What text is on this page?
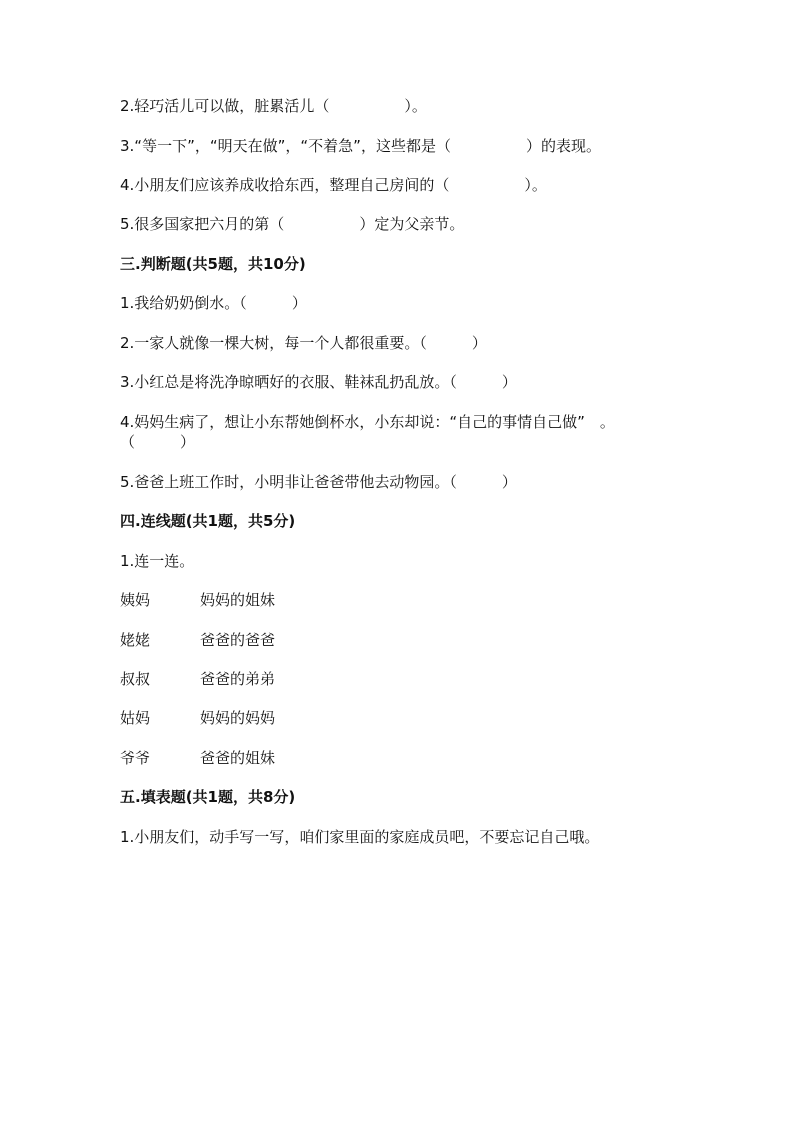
2.轻巧活儿可以做，脏累活儿（　　　　　）。
3.“等一下”，“明天在做”，“不着急”，这些都是（　　　　　）的表现。
4.小朋友们应该养成收拾东西，整理自己房间的（　　　　　）。
5.很多国家把六月的第（　　　　　）定为父亲节。
三.判断题(共5题，共10分)
1.我给奶奶倒水。（　　　）
2.一家人就像一棵大树，每一个人都很重要。（　　　）
3.小红总是将洗净晾晒好的衣服、鞋袜乱扔乱放。（　　　）
4.妈妈生病了，想让小东帮她倒杯水，小东却说：“自己的事情自己做”　。
（　　　）
5.爸爸上班工作时，小明非让爸爸带他去动物园。（　　　）
四.连线题(共1题，共5分)
1.连一连。
姨妈	妈妈的姐妹
姥姥	爸爸的爸爸
叔叔	爸爸的弟弟
姑妈	妈妈的妈妈
爷爷	爸爸的姐妹
五.填表题(共1题，共8分)
1.小朋友们，动手写一写，咱们家里面的家庭成员吧，不要忘记自己哦。
